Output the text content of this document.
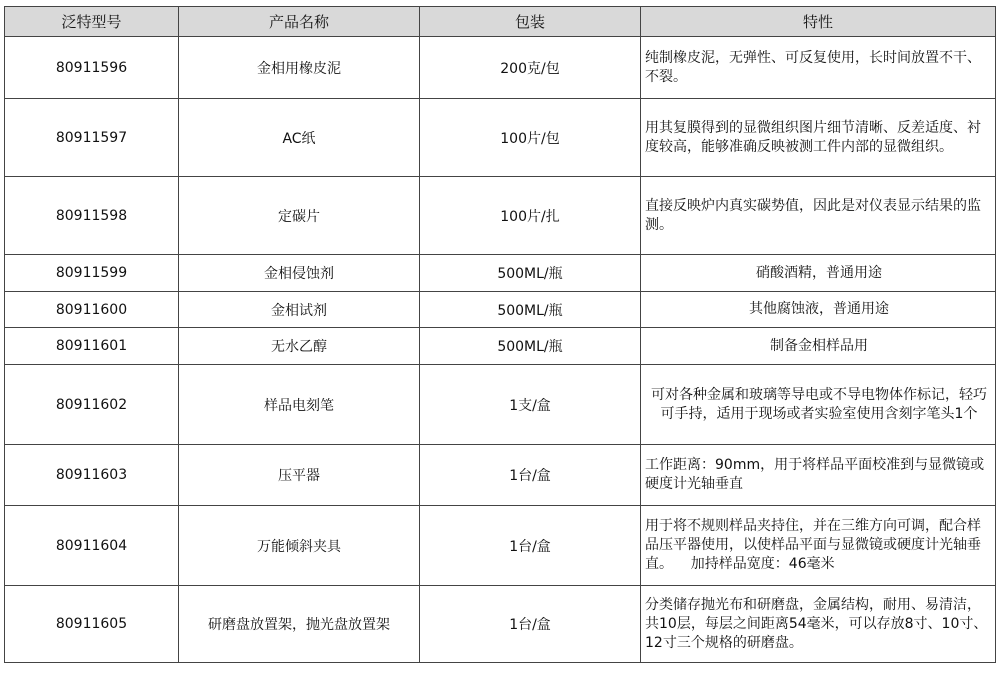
泛特型号	产品名称	包装	特性
80911596	金相用橡皮泥	200克/包	纯制橡皮泥，无弹性、可反复使用，长时间放置不干、不裂。
80911597	AC纸	100片/包	用其复膜得到的显微组织图片细节清晰、反差适度、衬度较高，能够准确反映被测工件内部的显微组织。
80911598	定碳片	100片/扎	直接反映炉内真实碳势值，因此是对仪表显示结果的监测。
80911599	金相侵蚀剂	500ML/瓶	硝酸酒精，普通用途
80911600	金相试剂	500ML/瓶	其他腐蚀液，普通用途
80911601	无水乙醇	500ML/瓶	制备金相样品用
80911602	样品电刻笔	1支/盒	可对各种金属和玻璃等导电或不导电物体作标记，轻巧可手持，适用于现场或者实验室使用含刻字笔头1个
80911603	压平器	1台/盒	工作距离：90mm，用于将样品平面校准到与显微镜或硬度计光轴垂直
80911604	万能倾斜夹具	1台/盒	用于将不规则样品夹持住，并在三维方向可调，配合样品压平器使用，以使样品平面与显微镜或硬度计光轴垂直。    加持样品宽度：46毫米
80911605	研磨盘放置架，抛光盘放置架	1台/盒	分类储存抛光布和研磨盘，金属结构，耐用、易清洁，共10层，每层之间距离54毫米，可以存放8寸、10寸、12寸三个规格的研磨盘。
